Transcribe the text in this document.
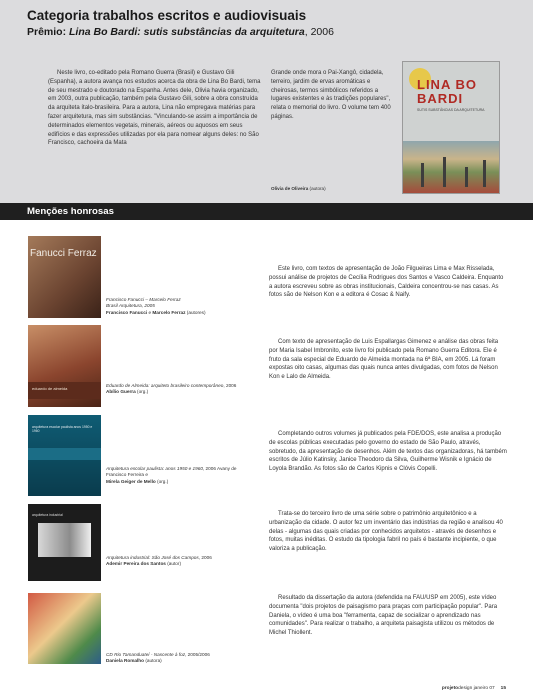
Categoria trabalhos escritos e audiovisuais
Prêmio: Lina Bo Bardi: sutis substâncias da arquitetura, 2006
Neste livro, co-editado pela Romano Guerra (Brasil) e Gustavo Gili (Espanha), a autora avança nos estudos acerca da obra de Lina Bo Bardi, tema de seu mestrado e doutorado na Espanha. Antes dele, Olivia havia organizado, em 2003, outra publicação, também pela Gustavo Gili, sobre a obra construída da arquiteta ítalo-brasileira. Para a autora, Lina não empregava matérias para fazer arquitetura, mas sim substâncias. "Vinculando-se assim a importância de determinados elementos vegetais, minerais, aéreos ou aquosos em seus edifícios e das expressões utilizadas por ela para nomear alguns deles: no São Francisco, cachoeira da Mata
Grande onde mora o Pai-Xangô, cidadela, terreiro, jardim de ervas aromáticas e cheirosas, termos simbólicos referidos a lugares existentes e às tradições populares", relata o memorial do livro. O volume tem 400 páginas.
Olivia de Oliveira (autora)
LINA BO BARDI
SUTIS SUBSTÂNCIAS DA ARQUITETURA
Menções honrosas
Fanucci Ferraz
Francisco Fanucci – Marcelo Ferraz
Brasil Arquitetura, 2005
Francisco Fanucci e Marcelo Ferraz (autores)
Este livro, com textos de apresentação de João Filgueiras Lima e Max Risselada, possui análise de projetos de Cecília Rodrigues dos Santos e Vasco Caldeira. Enquanto a autora escreveu sobre as obras institucionais, Caldeira concentrou-se nas casas. As fotos são de Nelson Kon e a editora é Cosac & Naify.
eduardo de almeida
Eduardo de Almeida: arquiteto brasileiro contemporâneo, 2006
Abílio Guerra (org.)
Com texto de apresentação de Luis Espallargas Gimenez e análise das obras feita por Maria Isabel Imbronito, este livro foi publicado pela Romano Guerra Editora. Ele é fruto da sala especial de Eduardo de Almeida montada na 6ª BIA, em 2005. Lá foram expostas oito casas, algumas das quais nunca antes divulgadas, com fotos de Nelson Kon e Lalo de Almeida.
arquitetura escolar paulista anos 1950 e 1960
Arquitetura escolar paulista: anos 1950 e 1960, 2006 Avany de Francisco Ferreira e
Mirela Geiger de Mello (org.)
Completando outros volumes já publicados pela FDE/DOS, este analisa a produção de escolas públicas executadas pelo governo do estado de São Paulo, através, sobretudo, da apresentação de desenhos. Além de textos das organizadoras, há também escritos de Júlio Katinsky, Janice Theodoro da Silva, Guilherme Wisnik e Ignácio de Loyola Brandão. As fotos são de Carlos Kipnis e Clóvis Copelli.
arquitetura industrial
Arquitetura industrial: São José dos Campos, 2006
Ademir Pereira dos Santos (autor)
Trata-se do terceiro livro de uma série sobre o patrimônio arquitetônico e a urbanização da cidade. O autor fez um inventário das indústrias da região e analisou 40 delas - algumas das quais criadas por conhecidos arquitetos - através de desenhos e fotos, muitas inéditas. O estudo da tipologia fabril no país é bastante incipiente, o que valoriza a publicação.
CD Rio Tamanduateí - Nascente à foz, 2005/2006
Daniela Romalho (autora)
Resultado da dissertação da autora (defendida na FAU/USP em 2005), este vídeo documenta "dois projetos de paisagismo para praças com participação popular". Para Daniela, o vídeo é uma boa "ferramenta, capaz de socializar o aprendizado nas comunidades". Para realizar o trabalho, a arquiteta paisagista utilizou os métodos de Michel Thiollent.
projetodesign janeiro 07 15
